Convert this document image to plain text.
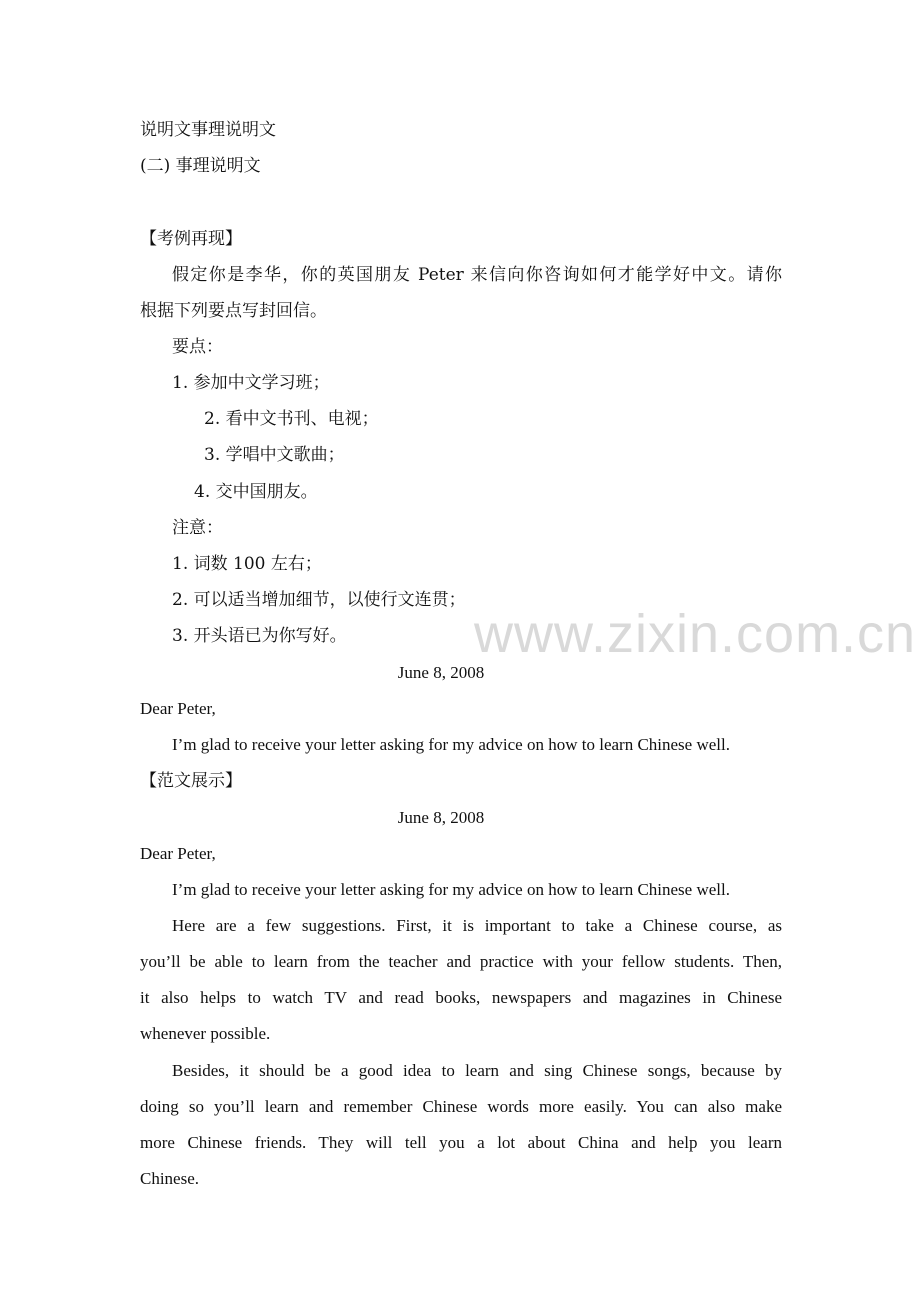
说明文事理说明文
(二) 事理说明文
【考例再现】
假定你是李华，你的英国朋友 Peter 来信向你咨询如何才能学好中文。请你
根据下列要点写封回信。
要点：
1. 参加中文学习班；
2. 看中文书刊、电视；
3. 学唱中文歌曲；
4. 交中国朋友。
注意：
1. 词数 100 左右；
2. 可以适当增加细节，以使行文连贯；
3. 开头语已为你写好。	www.zixin.com.cn
June 8, 2008
Dear Peter,
I’m glad to receive your letter asking for my advice on how to learn Chinese well.
【范文展示】
June 8, 2008
Dear Peter,
I’m glad to receive your letter asking for my advice on how to learn Chinese well.
Here are a few suggestions. First, it is important to take a Chinese course, as
you’ll be able to learn from the teacher and practice with your fellow students. Then,
it also helps to watch TV and read books, newspapers and magazines in Chinese
whenever possible.
Besides, it should be a good idea to learn and sing Chinese songs, because by
doing so you’ll learn and remember Chinese words more easily. You can also make
more Chinese friends. They will tell you a lot about China and help you learn
Chinese.
